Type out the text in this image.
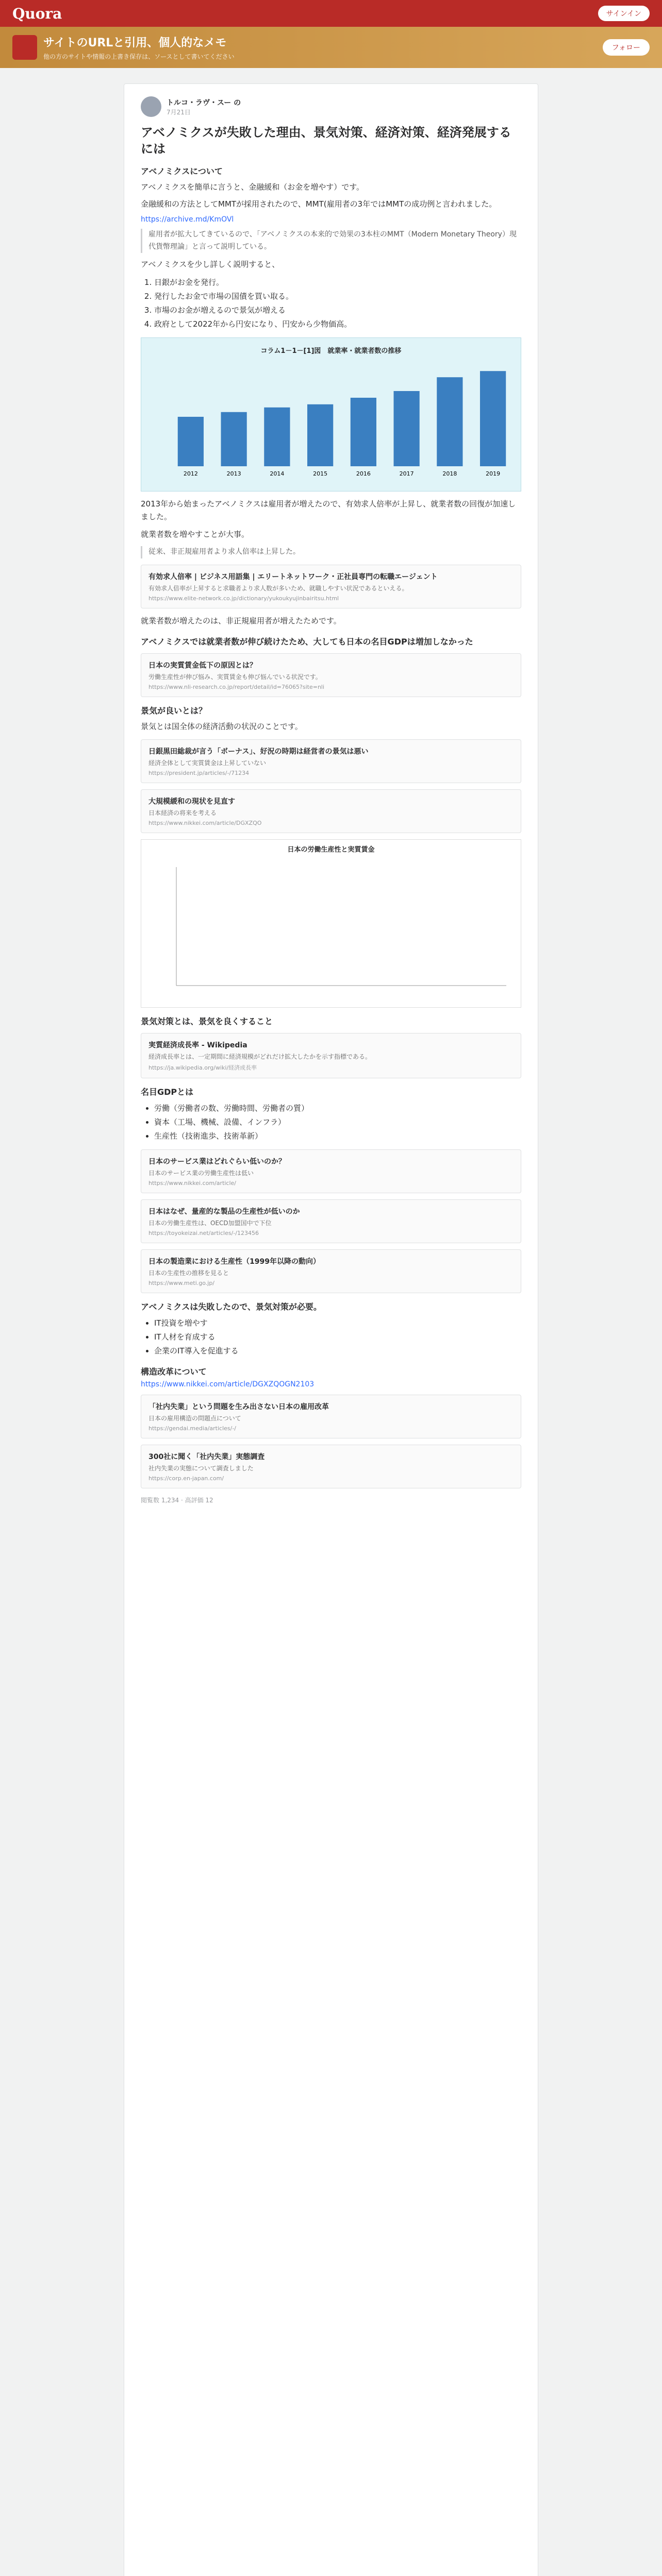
Quora	サインイン
サイトのURLと引用、個人的なメモ
他の方のサイトや情報の上書き保存は、ソースとして書いてください
フォロー
トルコ・ラヴ・スー の
7月21日
アベノミクスが失敗した理由、景気対策、経済対策、経済発展するには
アベノミクスについて

アベノミクスを簡単に言うと、金融緩和（お金を増やす）です。

金融緩和の方法としてMMTが採用されたので、MMT(雇用者の3年ではMMTの成功例と言われました。

https://archive.md/KmOVl
雇用者が拡大してきているので、「アベノミクスの本来的で効果の3本柱のMMT（Modern Monetary Theory）現代貨幣理論」と言って説明している。

アベノミクスを少し詳しく説明すると、

1. 日銀がお金を発行。
2. 発行したお金で市場の国債を買い取る。
3. 市場のお金が増えるので景気が増える
4. 政府として2022年から円安になり、円安から少物価高。
コラム1－1－[1]図　就業率・就業者数の推移
2012	2013	2014	2015	2016	2017	2018	2019

2013年から始まったアベノミクスは雇用者が増えたので、有効求人倍率が上昇し、就業者数の回復が加速しました。

就業者数を増やすことが大事。

従来、非正規雇用者より求人倍率は上昇した。
有効求人倍率 | ビジネス用語集 | エリートネットワーク・正社員専門の転職エージェント
有効求人倍率が上昇すると求職者より求人数が多いため、就職しやすい状況であるといえる。
https://www.elite-network.co.jp/dictionary/yukoukyujinbairitsu.html

就業者数が増えたのは、非正規雇用者が増えたためです。

アベノミクスでは就業者数が伸び続けたため、大しても日本の名目GDPは増加しなかった
日本の実質賃金低下の原因とは？
労働生産性が伸び悩み、実質賃金も伸び悩んでいる状況です。
https://www.nli-research.co.jp/report/detail/id=76065?site=nli
景気が良いとは？

景気とは国全体の経済活動の状況のことです。

日銀黒田総裁が言う「ボーナス」、好況の時期は経営者の景気は悪い
経済全体として実質賃金は上昇していない
https://president.jp/articles/-/71234
大規模緩和の現状を見直す
日本経済の将来を考える
https://www.nikkei.com/article/DGXZQO
日本の労働生産性と実質賃金
景気対策とは、景気を良くすること
実質経済成長率 - Wikipedia
経済成長率とは、一定期間に経済規模がどれだけ拡大したかを示す指標である。
https://ja.wikipedia.org/wiki/経済成長率
名目GDPとは
• 労働（労働者の数、労働時間、労働者の質）
• 資本（工場、機械、設備、インフラ）
• 生産性（技術進歩、技術革新）
日本のサービス業はどれぐらい低いのか？
日本のサービス業の労働生産性は低い
https://www.nikkei.com/article/
日本はなぜ、量産的な製品の生産性が低いのか
日本の労働生産性は、OECD加盟国中で下位
https://toyokeizai.net/articles/-/123456
日本の製造業における生産性（1999年以降の動向）
日本の生産性の推移を見ると
https://www.meti.go.jp/
アベノミクスは失敗したので、景気対策が必要。
• IT投資を増やす
• IT人材を育成する
• 企業のIT導入を促進する
構造改革について
https://www.nikkei.com/article/DGXZQOGN2103
「社内失業」という問題を生み出さない日本の雇用改革
日本の雇用構造の問題点について
https://gendai.media/articles/-/
300社に聞く「社内失業」実態調査
社内失業の実態について調査しました
https://corp.en-japan.com/
閲覧数 1,234 · 高評価 12
